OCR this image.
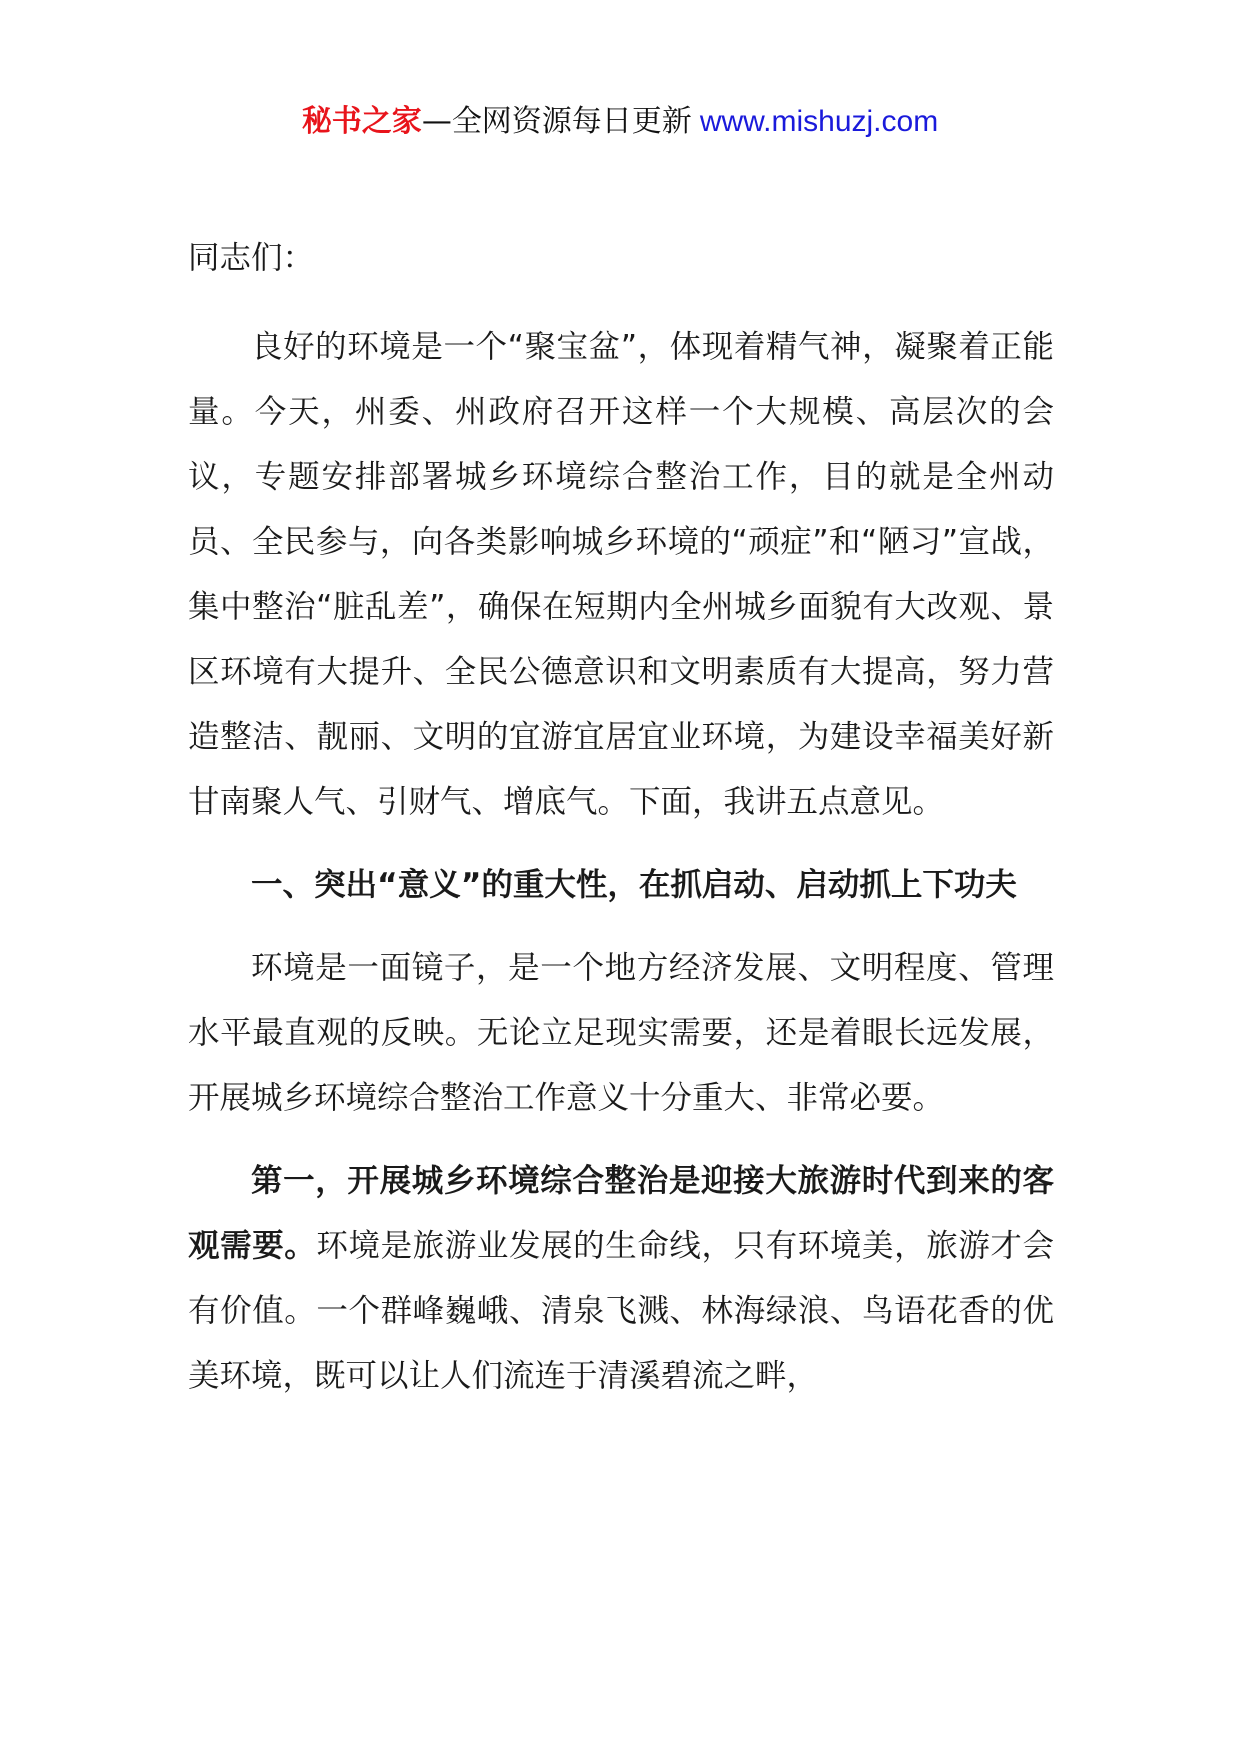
秘书之家—全网资源每日更新 www.mishuzj.com

同志们：

良好的环境是一个“聚宝盆”，体现着精气神，凝聚着正能量。今天，州委、州政府召开这样一个大规模、高层次的会议，专题安排部署城乡环境综合整治工作，目的就是全州动员、全民参与，向各类影响城乡环境的“顽症”和“陋习”宣战，集中整治“脏乱差”，确保在短期内全州城乡面貌有大改观、景区环境有大提升、全民公德意识和文明素质有大提高，努力营造整洁、靓丽、文明的宜游宜居宜业环境，为建设幸福美好新甘南聚人气、引财气、增底气。下面，我讲五点意见。

一、突出“意义”的重大性，在抓启动、启动抓上下功夫

环境是一面镜子，是一个地方经济发展、文明程度、管理水平最直观的反映。无论立足现实需要，还是着眼长远发展，开展城乡环境综合整治工作意义十分重大、非常必要。

第一，开展城乡环境综合整治是迎接大旅游时代到来的客观需要。环境是旅游业发展的生命线，只有环境美，旅游才会有价值。一个群峰巍峨、清泉飞溅、林海绿浪、鸟语花香的优美环境，既可以让人们流连于清溪碧流之畔，
